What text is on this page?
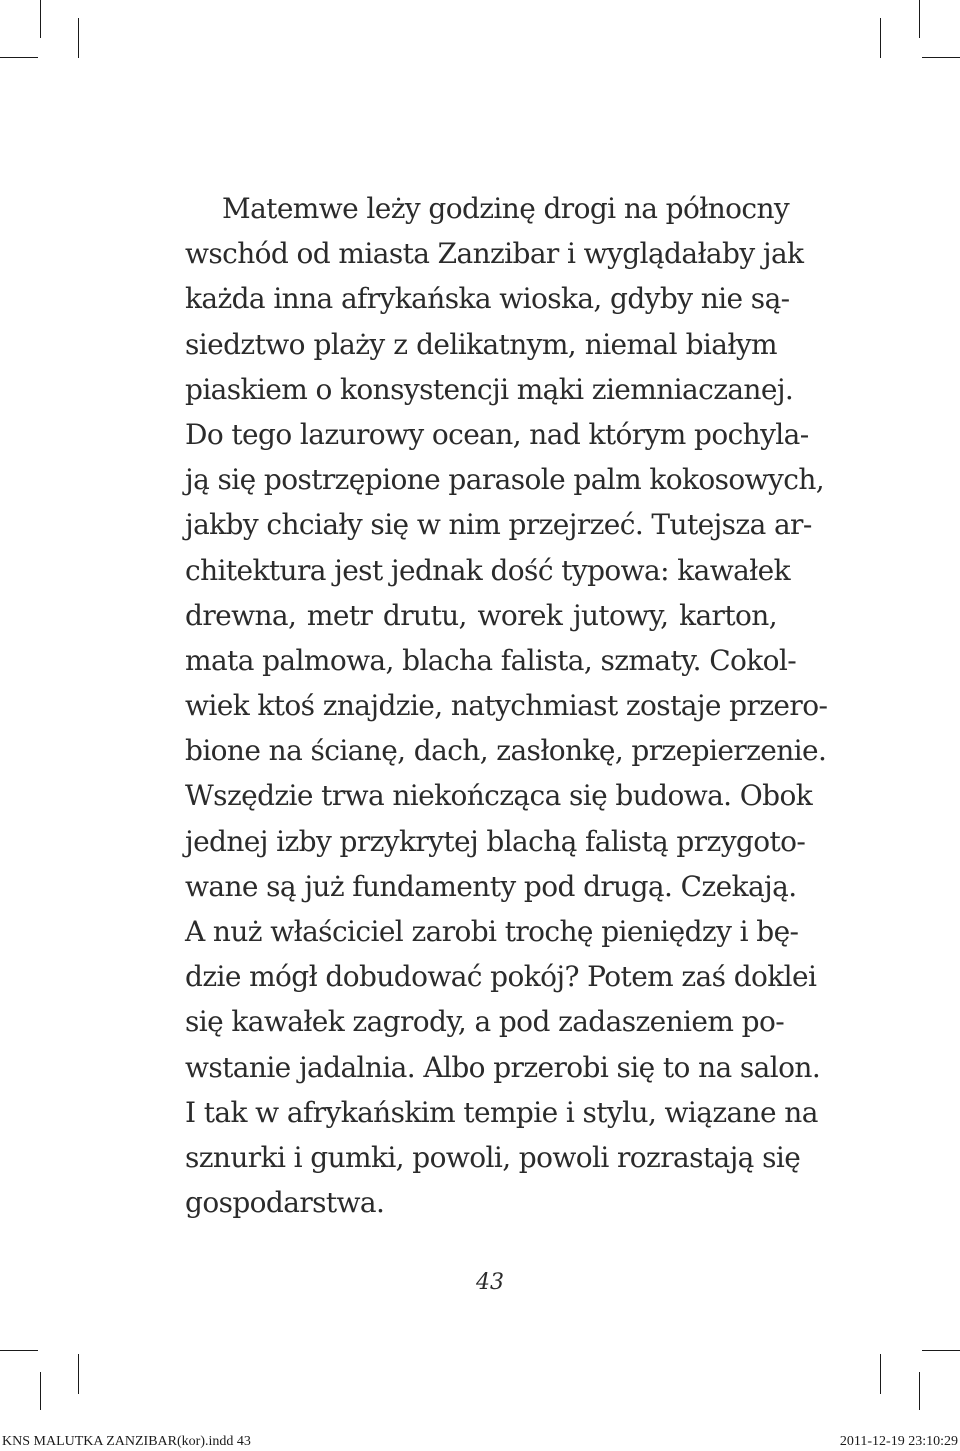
Matemwe leży godzinę drogi na północny
wschód od miasta Zanzibar i wyglądałaby jak
każda inna afrykańska wioska, gdyby nie są-
siedztwo plaży z delikatnym, niemal białym
piaskiem o konsystencji mąki ziemniaczanej.
Do tego lazurowy ocean, nad którym pochyla-
ją się postrzępione parasole palm kokosowych,
jakby chciały się w nim przejrzeć. Tutejsza ar-
chitektura jest jednak dość typowa: kawałek
drewna, metr drutu, worek jutowy, karton,
mata palmowa, blacha falista, szmaty. Cokol-
wiek ktoś znajdzie, natychmiast zostaje przero-
bione na ścianę, dach, zasłonkę, przepierzenie.
Wszędzie trwa niekończąca się budowa. Obok
jednej izby przykrytej blachą falistą przygoto-
wane są już fundamenty pod drugą. Czekają.
A nuż właściciel zarobi trochę pieniędzy i bę-
dzie mógł dobudować pokój? Potem zaś doklei
się kawałek zagrody, a pod zadaszeniem po-
wstanie jadalnia. Albo przerobi się to na salon.
I tak w afrykańskim tempie i stylu, wiązane na
sznurki i gumki, powoli, powoli rozrastają się
gospodarstwa.
43
KNS MALUTKA ZANZIBAR(kor).indd 43	2011-12-19 23:10:29
